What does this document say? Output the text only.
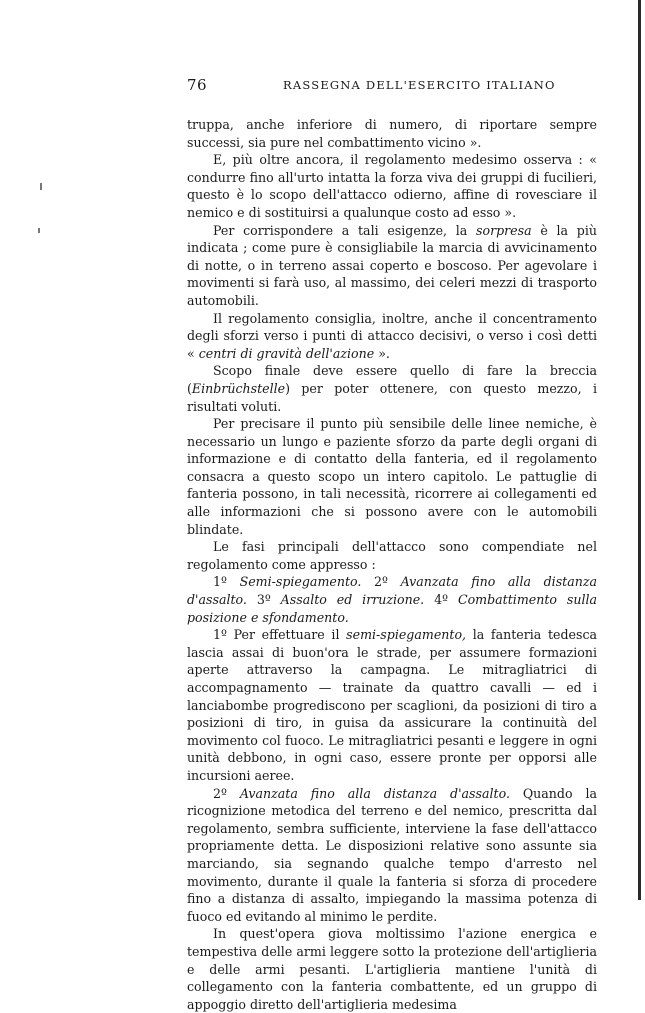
76	RASSEGNA DELL'ESERCITO ITALIANO

truppa, anche inferiore di numero, di riportare sempre successi, sia pure nel combattimento vicino ».

E, più oltre ancora, il regolamento medesimo osserva : « condurre fino all'urto intatta la forza viva dei gruppi di fucilieri, questo è lo scopo dell'attacco odierno, affine di rovesciare il nemico e di sostituirsi a qualunque costo ad esso ».

Per corrispondere a tali esigenze, la sorpresa è la più indicata ; come pure è consigliabile la marcia di avvicinamento di notte, o in terreno assai coperto e boscoso. Per agevolare i movimenti si farà uso, al massimo, dei celeri mezzi di trasporto automobili.

Il regolamento consiglia, inoltre, anche il concentramento degli sforzi verso i punti di attacco decisivi, o verso i così detti « centri di gravità dell'azione ».

Scopo finale deve essere quello di fare la breccia (Einbrüchstelle) per poter ottenere, con questo mezzo, i risultati voluti.

Per precisare il punto più sensibile delle linee nemiche, è necessario un lungo e paziente sforzo da parte degli organi di informazione e di contatto della fanteria, ed il regolamento consacra a questo scopo un intero capitolo. Le pattuglie di fanteria possono, in tali necessità, ricorrere ai collegamenti ed alle informazioni che si possono avere con le automobili blindate.

Le fasi principali dell'attacco sono compendiate nel regolamento come appresso :

1º Semi-spiegamento. 2º Avanzata fino alla distanza d'assalto. 3º Assalto ed irruzione. 4º Combattimento sulla posizione e sfondamento.

1º Per effettuare il semi-spiegamento, la fanteria tedesca lascia assai di buon'ora le strade, per assumere formazioni aperte attraverso la campagna. Le mitragliatrici di accompagnamento — trainate da quattro cavalli — ed i lanciabombe progrediscono per scaglioni, da posizioni di tiro a posizioni di tiro, in guisa da assicurare la continuità del movimento col fuoco. Le mitragliatrici pesanti e leggere in ogni unità debbono, in ogni caso, essere pronte per opporsi alle incursioni aeree.

2º Avanzata fino alla distanza d'assalto. Quando la ricognizione metodica del terreno e del nemico, prescritta dal regolamento, sembra sufficiente, interviene la fase dell'attacco propriamente detta. Le disposizioni relative sono assunte sia marciando, sia segnando qualche tempo d'arresto nel movimento, durante il quale la fanteria si sforza di procedere fino a distanza di assalto, impiegando la massima potenza di fuoco ed evitando al minimo le perdite.

In quest'opera giova moltissimo l'azione energica e tempestiva delle armi leggere sotto la protezione dell'artiglieria e delle armi pesanti. L'artiglieria mantiene l'unità di collegamento con la fanteria combattente, ed un gruppo di appoggio diretto dell'artiglieria medesima
